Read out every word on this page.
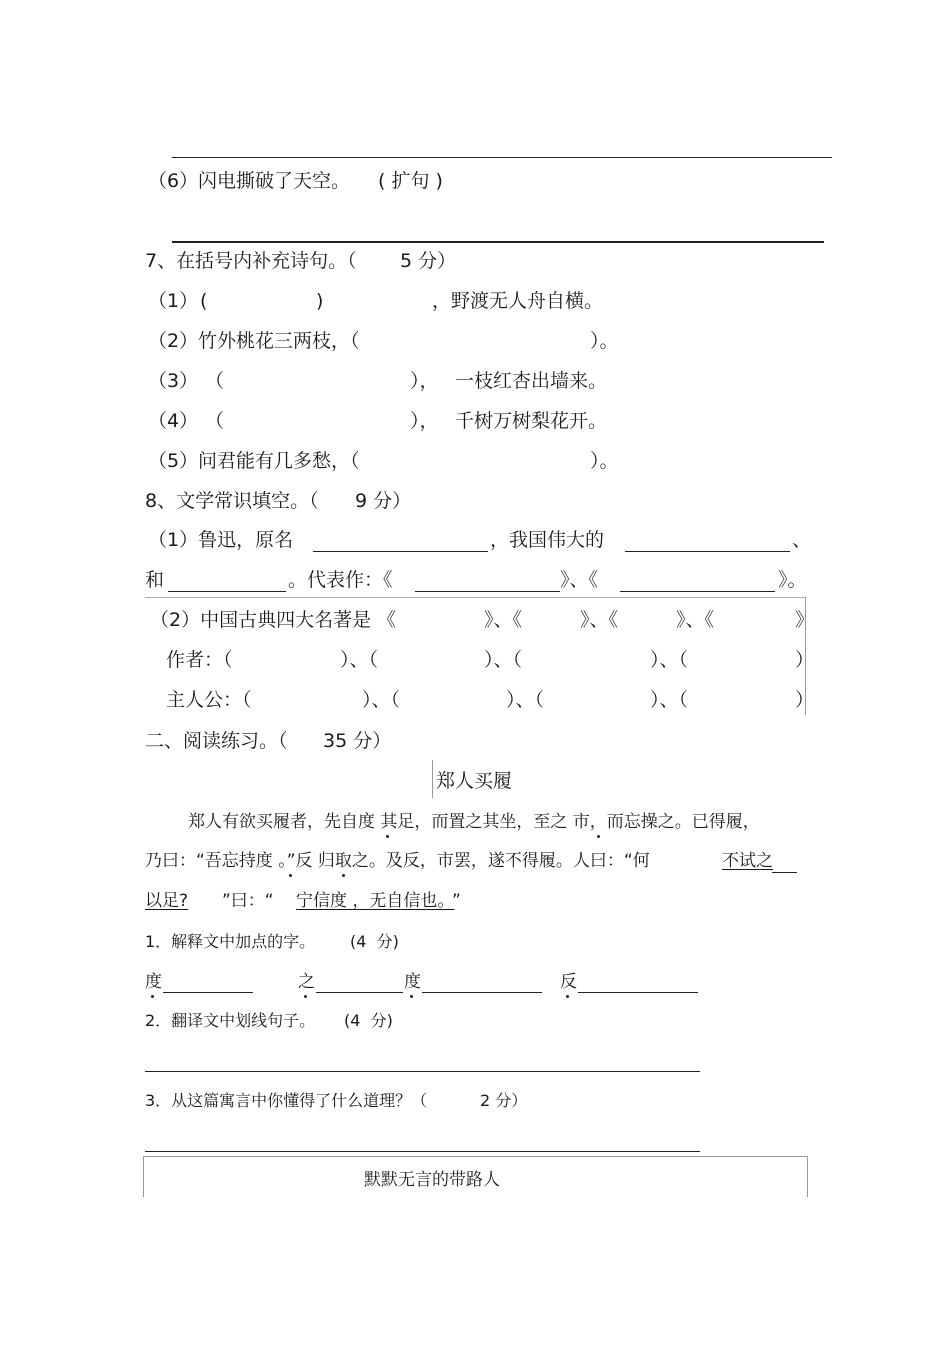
（6） 闪电撕破了天空。 ( 扩句 )
7、在括号内补充诗句。（ 5 分）
（1） (	)	，野渡无人舟自横。
（2） 竹外桃花三两枝，（	）。
（3） （	）， 一枝红杏出墙来。
（4） （	）， 千树万树梨花开。
（5） 问君能有几多愁，（	）。
8、文学常识填空。（ 9 分）
（1）鲁迅，原名	，我国伟大的	、
和	。代表作：《	》、《	》。
（2）中国古典四大名著是 《	》、《	》、《	》、《	》
作者：（	）、（	）、（	）、（	）
主人公：（	）、（	）、（	）、（	）
二、阅读练习。（ 35 分）
郑人买履
郑人有欲买履者，先自度 其足，而置之其坐，至之 市，而忘操之。已得履，
乃曰：“吾忘持度 。”反 归取之。及反，市罢，遂不得履。人曰：“何	不试之
以足? ”曰：“ 宁信度 ，无自信也。
”
1．解释文中加点的字。 (4  分)
度	之	度	反
2．翻译文中划线句子。 (4  分)
3．从这篇寓言中你懂得了什么道理？（	2 分）
默默无言的带路人
